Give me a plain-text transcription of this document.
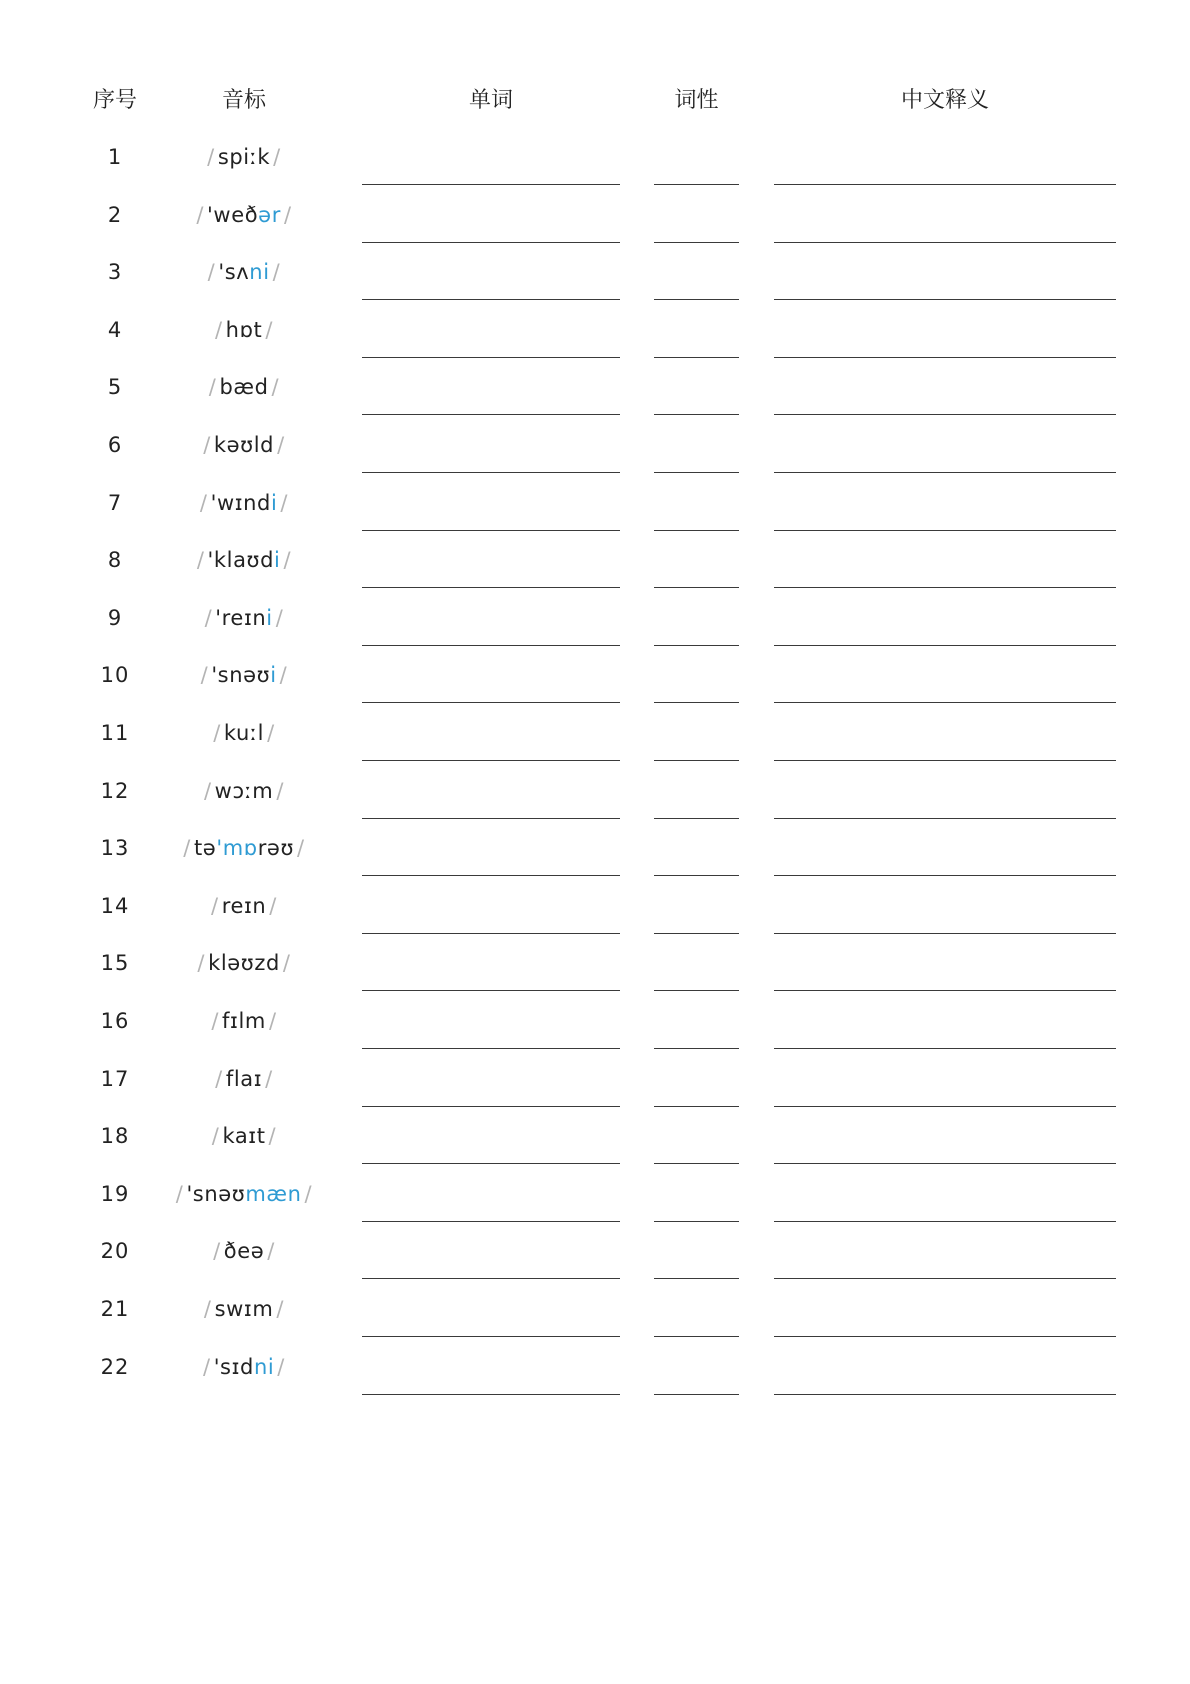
序号	音标	单词	词性	中文释义
1	/ spiːk /
2	/ 'weðər /
3	/ 'sʌni /
4	/ hɒt /
5	/ bæd /
6	/ kəʊld /
7	/ 'wɪndi /
8	/ 'klaʊdi /
9	/ 'reɪni /
10	/ 'snəʊi /
11	/ kuːl /
12	/ wɔːm /
13	/ tə'mɒrəʊ /
14	/ reɪn /
15	/ kləʊzd /
16	/ fɪlm /
17	/ flaɪ /
18	/ kaɪt /
19	/ 'snəʊmæn /
20	/ ðeə /
21	/ swɪm /
22	/ 'sɪdni /
